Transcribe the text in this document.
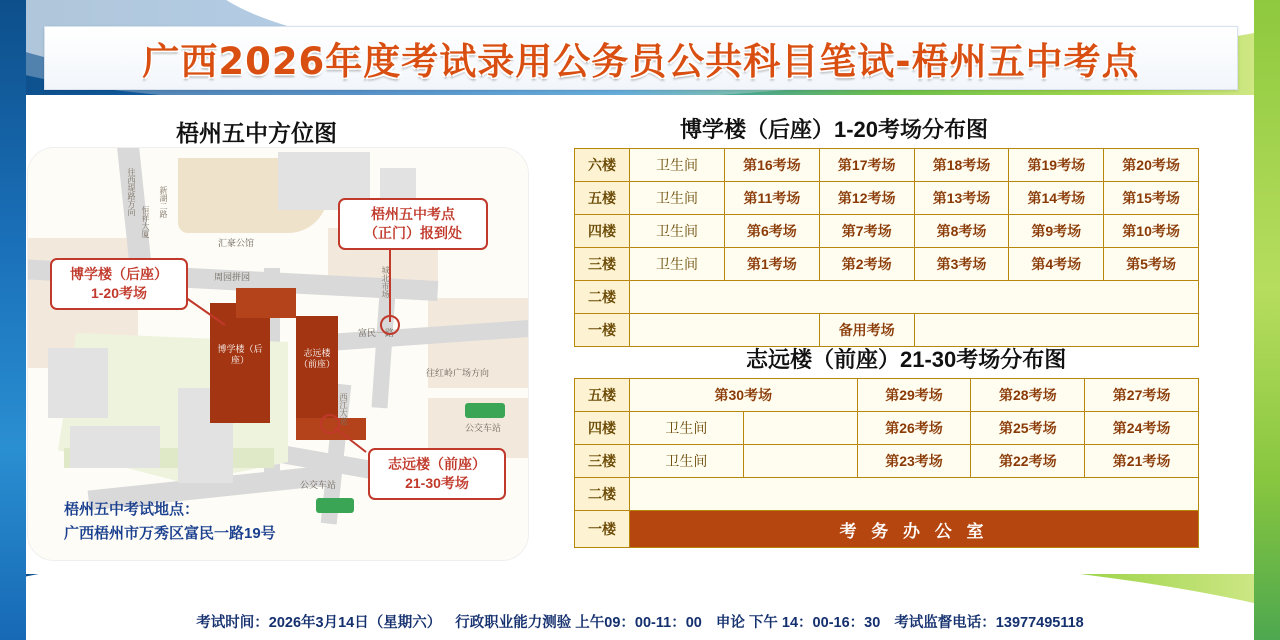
广西2026年度考试录用公务员公共科目笔试-梧州五中考点
梧州五中方位图
博学楼（后座）
志远楼（前座）
公交车站
公交车站
汇豪公馆
周园拼园
富民一路
新湖二路
往西堤路方向
恒祥大厦
城北市场
往红岭广场方向
西江大道
博学楼（后座）
1-20考场
梧州五中考点
（正门）报到处
志远楼（前座）
21-30考场
梧州五中考试地点：
广西梧州市万秀区富民一路19号
博学楼（后座）1-20考场分布图
六楼	卫生间	第16考场	第17考场	第18考场	第19考场	第20考场
五楼	卫生间	第11考场	第12考场	第13考场	第14考场	第15考场
四楼	卫生间	第6考场	第7考场	第8考场	第9考场	第10考场
三楼	卫生间	第1考场	第2考场	第3考场	第4考场	第5考场
二楼						
一楼			备用考场			
志远楼（前座）21-30考场分布图
五楼	第30考场		第29考场	第28考场	第27考场
四楼	卫生间		第26考场	第25考场	第24考场
三楼	卫生间		第23考场	第22考场	第21考场
二楼					
一楼	考 务 办 公 室				
考试时间：2026年3月14日（星期六） 行政职业能力测验 上午09：00-11：00 申论 下午 14：00-16：30 考试监督电话：13977495118
